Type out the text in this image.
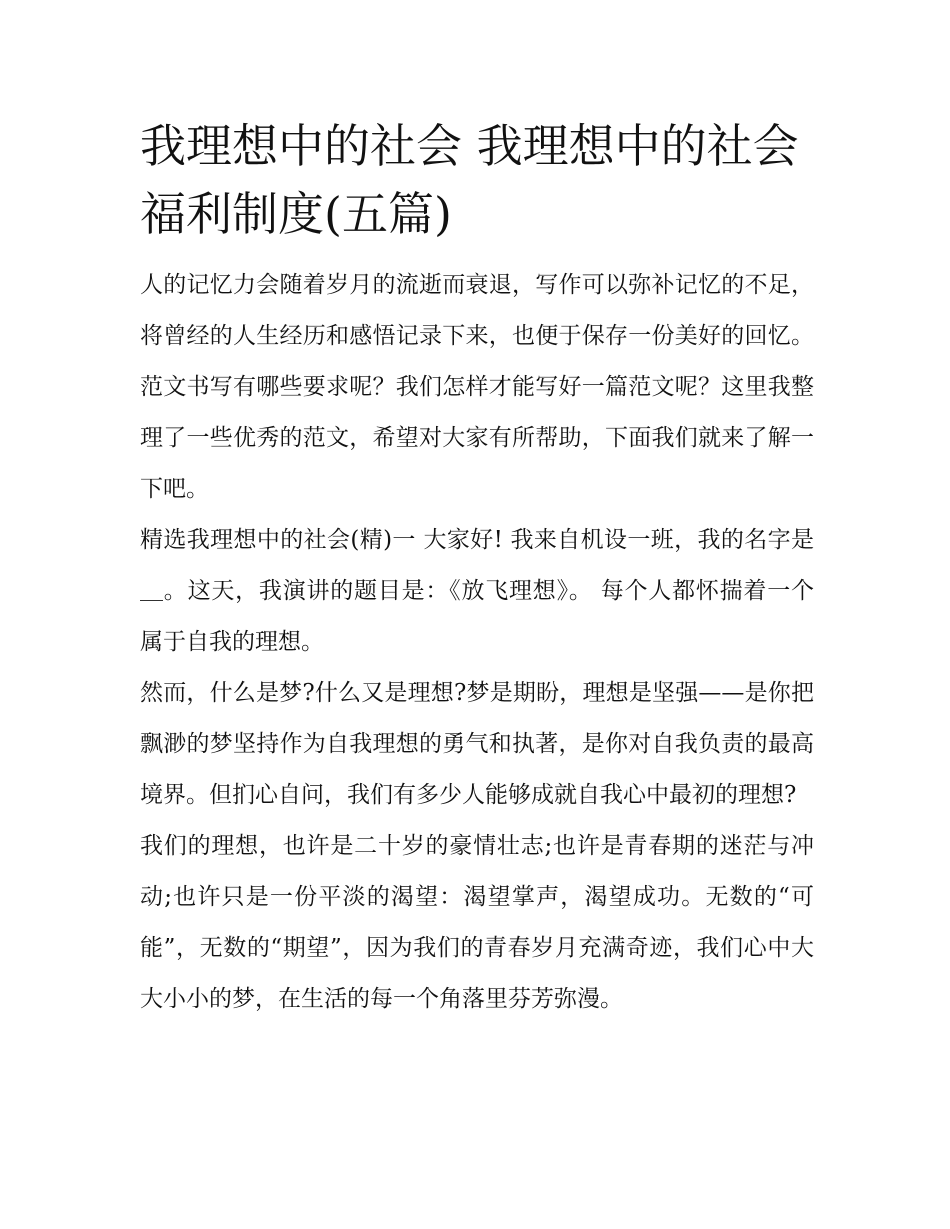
我理想中的社会 我理想中的社会福利制度(五篇)

人的记忆力会随着岁月的流逝而衰退，写作可以弥补记忆的不足，将曾经的人生经历和感悟记录下来，也便于保存一份美好的回忆。范文书写有哪些要求呢？我们怎样才能写好一篇范文呢？这里我整理了一些优秀的范文，希望对大家有所帮助，下面我们就来了解一下吧。

精选我理想中的社会(精)一 大家好! 我来自机设一班，我的名字是＿。这天，我演讲的题目是：《放飞理想》。 每个人都怀揣着一个属于自我的理想。

然而，什么是梦?什么又是理想?梦是期盼，理想是坚强——是你把飘渺的梦坚持作为自我理想的勇气和执著，是你对自我负责的最高境界。但扪心自问，我们有多少人能够成就自我心中最初的理想?

我们的理想，也许是二十岁的豪情壮志;也许是青春期的迷茫与冲动;也许只是一份平淡的渴望：渴望掌声，渴望成功。无数的“可能”，无数的“期望”，因为我们的青春岁月充满奇迹，我们心中大大小小的梦，在生活的每一个角落里芬芳弥漫。
